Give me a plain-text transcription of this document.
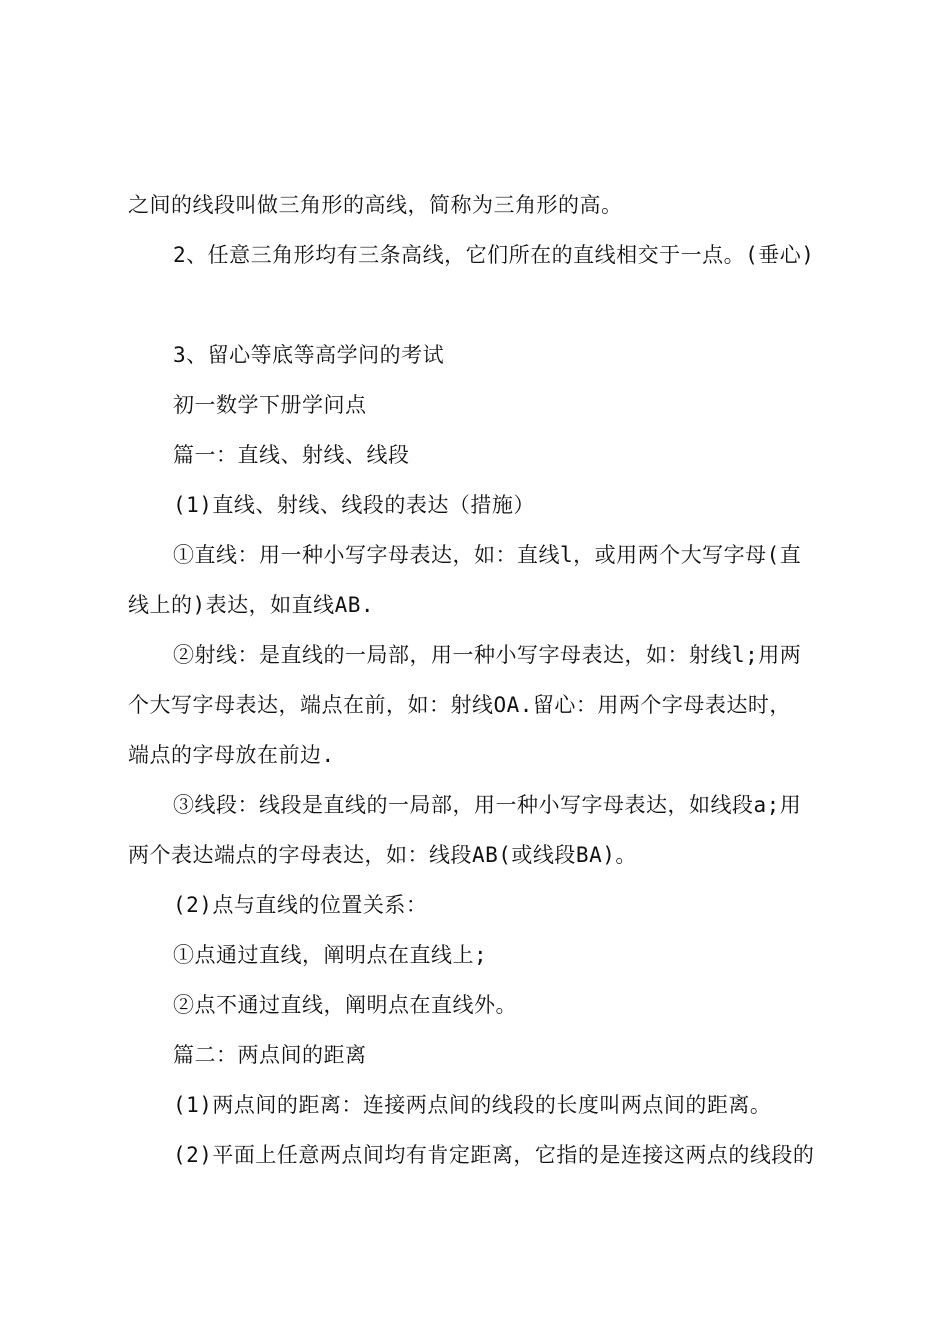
之间的线段叫做三角形的高线，简称为三角形的高。
2、任意三角形均有三条高线，它们所在的直线相交于一点。(垂心)
3、留心等底等高学问的考试
初一数学下册学问点
篇一：直线、射线、线段
(1)直线、射线、线段的表达（措施）
①直线：用一种小写字母表达，如：直线l，或用两个大写字母(直
线上的)表达，如直线AB.
②射线：是直线的一局部，用一种小写字母表达，如：射线l;用两
个大写字母表达，端点在前，如：射线OA.留心：用两个字母表达时，
端点的字母放在前边.
③线段：线段是直线的一局部，用一种小写字母表达，如线段a;用
两个表达端点的字母表达，如：线段AB(或线段BA)。
(2)点与直线的位置关系：
①点通过直线，阐明点在直线上;
②点不通过直线，阐明点在直线外。
篇二：两点间的距离
(1)两点间的距离：连接两点间的线段的长度叫两点间的距离。
(2)平面上任意两点间均有肯定距离，它指的是连接这两点的线段的
